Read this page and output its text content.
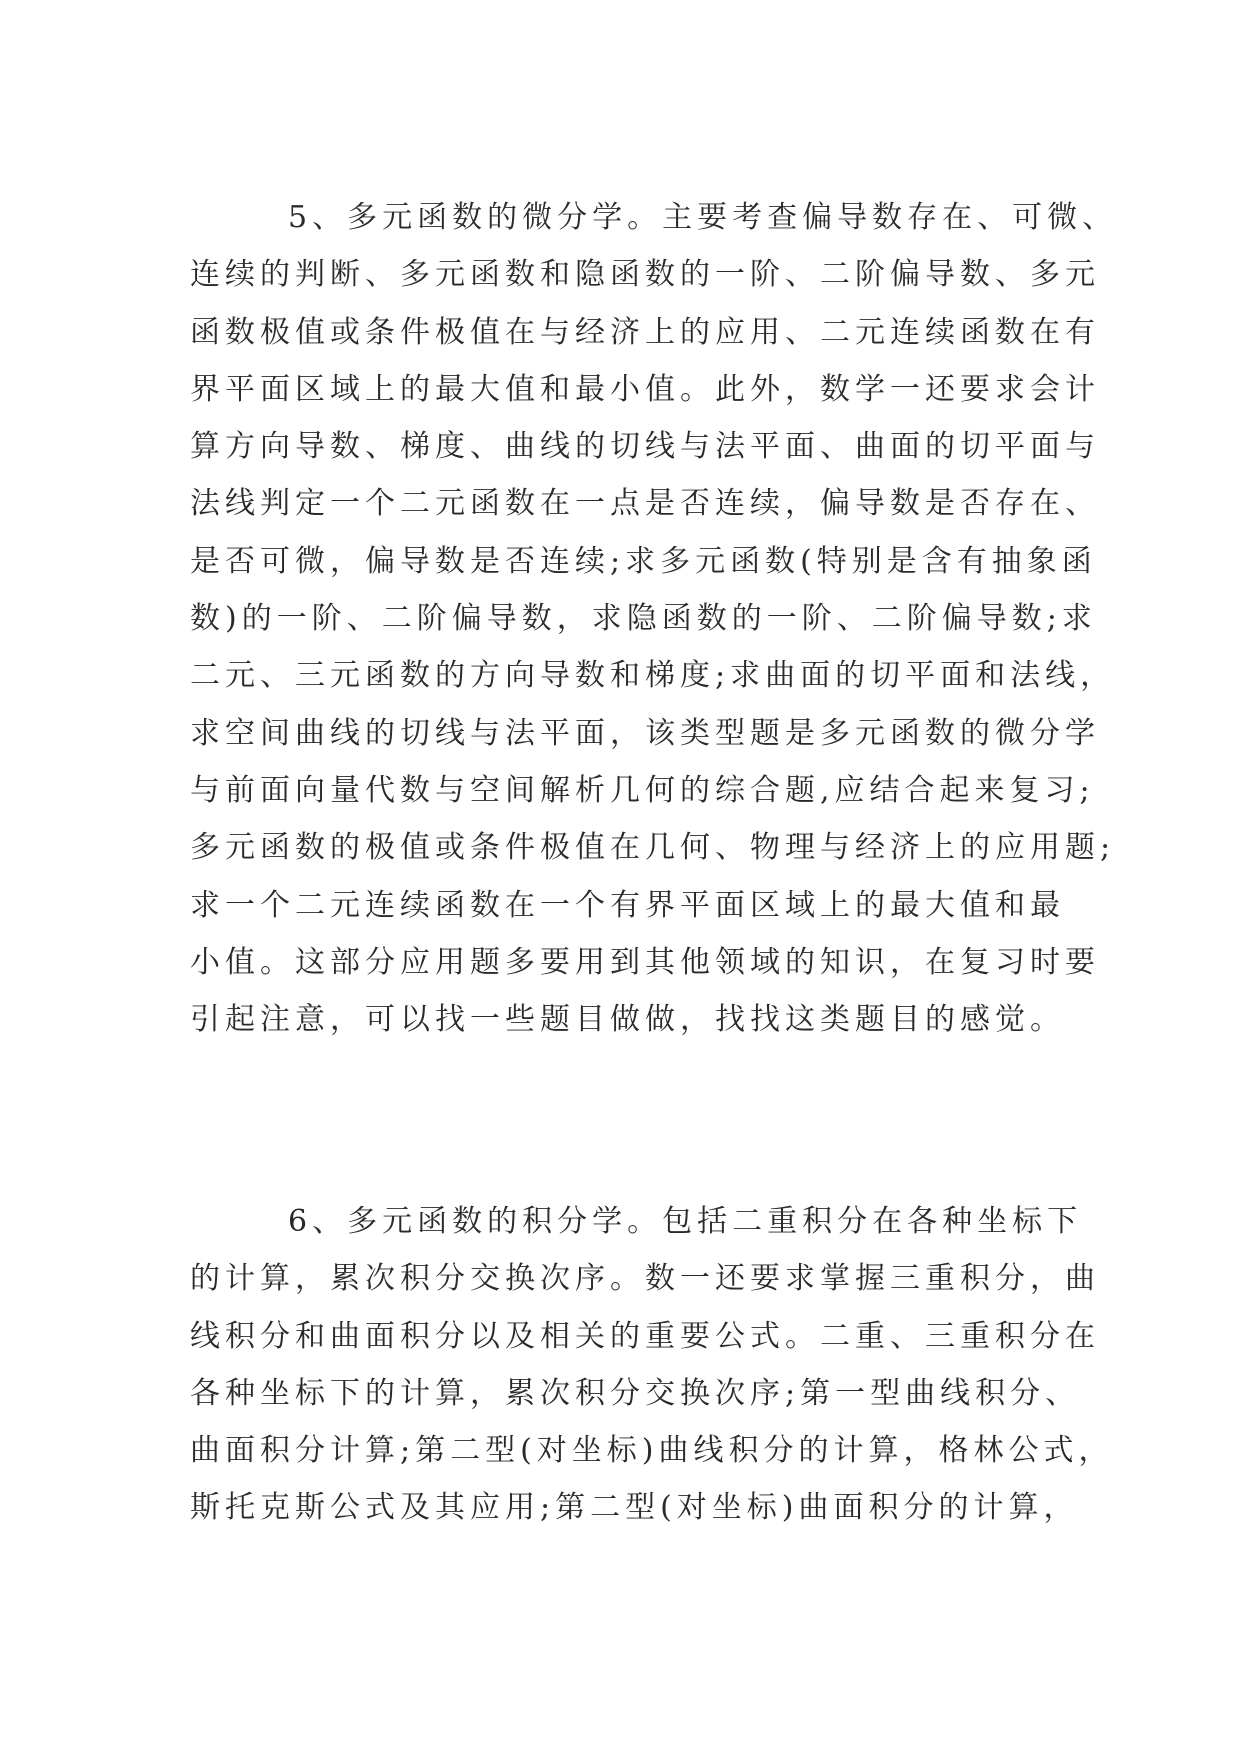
5、多元函数的微分学。主要考查偏导数存在、可微、
连续的判断、多元函数和隐函数的一阶、二阶偏导数、多元
函数极值或条件极值在与经济上的应用、二元连续函数在有
界平面区域上的最大值和最小值。此外，数学一还要求会计
算方向导数、梯度、曲线的切线与法平面、曲面的切平面与
法线判定一个二元函数在一点是否连续，偏导数是否存在、
是否可微，偏导数是否连续;求多元函数(特别是含有抽象函
数)的一阶、二阶偏导数，求隐函数的一阶、二阶偏导数;求
二元、三元函数的方向导数和梯度;求曲面的切平面和法线，
求空间曲线的切线与法平面，该类型题是多元函数的微分学
与前面向量代数与空间解析几何的综合题,应结合起来复习;
多元函数的极值或条件极值在几何、物理与经济上的应用题;
求一个二元连续函数在一个有界平面区域上的最大值和最
小值。这部分应用题多要用到其他领域的知识，在复习时要
引起注意，可以找一些题目做做，找找这类题目的感觉。
6、多元函数的积分学。包括二重积分在各种坐标下
的计算，累次积分交换次序。数一还要求掌握三重积分，曲
线积分和曲面积分以及相关的重要公式。二重、三重积分在
各种坐标下的计算，累次积分交换次序;第一型曲线积分、
曲面积分计算;第二型(对坐标)曲线积分的计算，格林公式，
斯托克斯公式及其应用;第二型(对坐标)曲面积分的计算，
